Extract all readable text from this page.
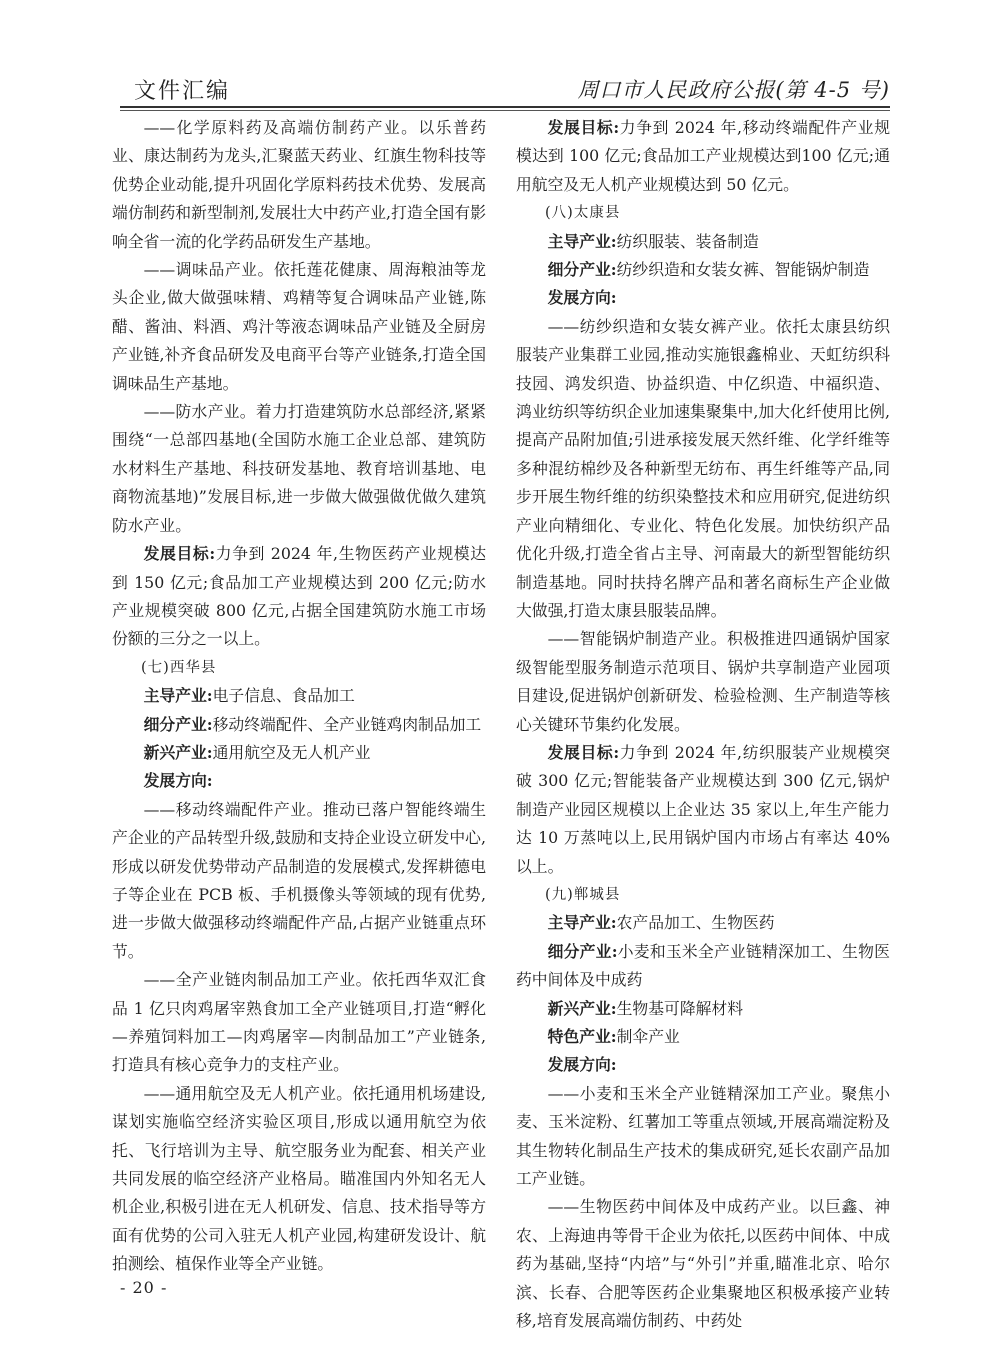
文件汇编	周口市人民政府公报(第 4-5 号)

——化学原料药及高端仿制药产业。以乐普药业、康达制药为龙头,汇聚蓝天药业、红旗生物科技等优势企业动能,提升巩固化学原料药技术优势、发展高端仿制药和新型制剂,发展壮大中药产业,打造全国有影响全省一流的化学药品研发生产基地。

——调味品产业。依托莲花健康、周海粮油等龙头企业,做大做强味精、鸡精等复合调味品产业链,陈醋、酱油、料酒、鸡汁等液态调味品产业链及全厨房产业链,补齐食品研发及电商平台等产业链条,打造全国调味品生产基地。

——防水产业。着力打造建筑防水总部经济,紧紧围绕“一总部四基地(全国防水施工企业总部、建筑防水材料生产基地、科技研发基地、教育培训基地、电商物流基地)”发展目标,进一步做大做强做优做久建筑防水产业。

发展目标:力争到 2024 年,生物医药产业规模达到 150 亿元;食品加工产业规模达到 200 亿元;防水产业规模突破 800 亿元,占据全国建筑防水施工市场份额的三分之一以上。

(七)西华县

主导产业:电子信息、食品加工

细分产业:移动终端配件、全产业链鸡肉制品加工

新兴产业:通用航空及无人机产业

发展方向:

——移动终端配件产业。推动已落户智能终端生产企业的产品转型升级,鼓励和支持企业设立研发中心,形成以研发优势带动产品制造的发展模式,发挥耕德电子等企业在 PCB 板、手机摄像头等领域的现有优势,进一步做大做强移动终端配件产品,占据产业链重点环节。

——全产业链肉制品加工产业。依托西华双汇食品 1 亿只肉鸡屠宰熟食加工全产业链项目,打造“孵化—养殖饲料加工—肉鸡屠宰—肉制品加工”产业链条,打造具有核心竞争力的支柱产业。

——通用航空及无人机产业。依托通用机场建设,谋划实施临空经济实验区项目,形成以通用航空为依托、飞行培训为主导、航空服务业为配套、相关产业共同发展的临空经济产业格局。瞄准国内外知名无人机企业,积极引进在无人机研发、信息、技术指导等方面有优势的公司入驻无人机产业园,构建研发设计、航拍测绘、植保作业等全产业链。

发展目标:力争到 2024 年,移动终端配件产业规模达到 100 亿元;食品加工产业规模达到100 亿元;通用航空及无人机产业规模达到 50 亿元。

(八)太康县

主导产业:纺织服装、装备制造

细分产业:纺纱织造和女装女裤、智能锅炉制造

发展方向:

——纺纱织造和女装女裤产业。依托太康县纺织服装产业集群工业园,推动实施银鑫棉业、天虹纺织科技园、鸿发织造、协益织造、中亿织造、中福织造、鸿业纺织等纺织企业加速集聚集中,加大化纤使用比例,提高产品附加值;引进承接发展天然纤维、化学纤维等多种混纺棉纱及各种新型无纺布、再生纤维等产品,同步开展生物纤维的纺织染整技术和应用研究,促进纺织产业向精细化、专业化、特色化发展。加快纺织产品优化升级,打造全省占主导、河南最大的新型智能纺织制造基地。同时扶持名牌产品和著名商标生产企业做大做强,打造太康县服装品牌。

——智能锅炉制造产业。积极推进四通锅炉国家级智能型服务制造示范项目、锅炉共享制造产业园项目建设,促进锅炉创新研发、检验检测、生产制造等核心关键环节集约化发展。

发展目标:力争到 2024 年,纺织服装产业规模突破 300 亿元;智能装备产业规模达到 300 亿元,锅炉制造产业园区规模以上企业达 35 家以上,年生产能力达 10 万蒸吨以上,民用锅炉国内市场占有率达 40%以上。

(九)郸城县

主导产业:农产品加工、生物医药

细分产业:小麦和玉米全产业链精深加工、生物医药中间体及中成药

新兴产业:生物基可降解材料

特色产业:制伞产业

发展方向:

——小麦和玉米全产业链精深加工产业。聚焦小麦、玉米淀粉、红薯加工等重点领域,开展高端淀粉及其生物转化制品生产技术的集成研究,延长农副产品加工产业链。

——生物医药中间体及中成药产业。以巨鑫、神农、上海迪冉等骨干企业为依托,以医药中间体、中成药为基础,坚持“内培”与“外引”并重,瞄准北京、哈尔滨、长春、合肥等医药企业集聚地区积极承接产业转移,培育发展高端仿制药、中药处

- 20 -
